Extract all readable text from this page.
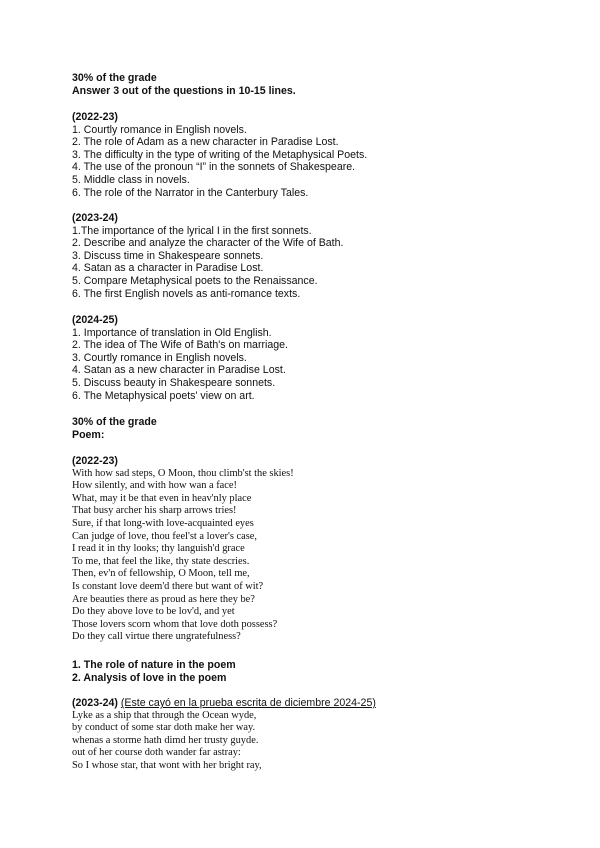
30% of the grade
Answer 3 out of the questions in 10-15 lines.
(2022-23)
1. Courtly romance in English novels.
2. The role of Adam as a new character in Paradise Lost.
3. The difficulty in the type of writing of the Metaphysical Poets.
4. The use of the pronoun “I” in the sonnets of Shakespeare.
5. Middle class in novels.
6. The role of the Narrator in the Canterbury Tales.
(2023-24)
1.The importance of the lyrical I in the first sonnets.
2. Describe and analyze the character of the Wife of Bath.
3. Discuss time in Shakespeare sonnets.
4. Satan as a character in Paradise Lost.
5. Compare Metaphysical poets to the Renaissance.
6. The first English novels as anti-romance texts.
(2024-25)
1. Importance of translation in Old English.
2. The idea of The Wife of Bath's on marriage.
3. Courtly romance in English novels.
4. Satan as a new character in Paradise Lost.
5. Discuss beauty in Shakespeare sonnets.
6. The Metaphysical poets' view on art.
30% of the grade
Poem:
(2022-23)
With how sad steps, O Moon, thou climb'st the skies!
How silently, and with how wan a face!
What, may it be that even in heav'nly place
That busy archer his sharp arrows tries!
Sure, if that long-with love-acquainted eyes
Can judge of love, thou feel'st a lover's case,
I read it in thy looks; thy languish'd grace
To me, that feel the like, thy state descries.
Then, ev'n of fellowship, O Moon, tell me,
Is constant love deem'd there but want of wit?
Are beauties there as proud as here they be?
Do they above love to be lov'd, and yet
Those lovers scorn whom that love doth possess?
Do they call virtue there ungratefulness?
1. The role of nature in the poem
2. Analysis of love in the poem
(2023-24) (Este cayó en la prueba escrita de diciembre 2024-25)
Lyke as a ship that through the Ocean wyde,
by conduct of some star doth make her way.
whenas a storme hath dimd her trusty guyde.
out of her course doth wander far astray:
So I whose star, that wont with her bright ray,
